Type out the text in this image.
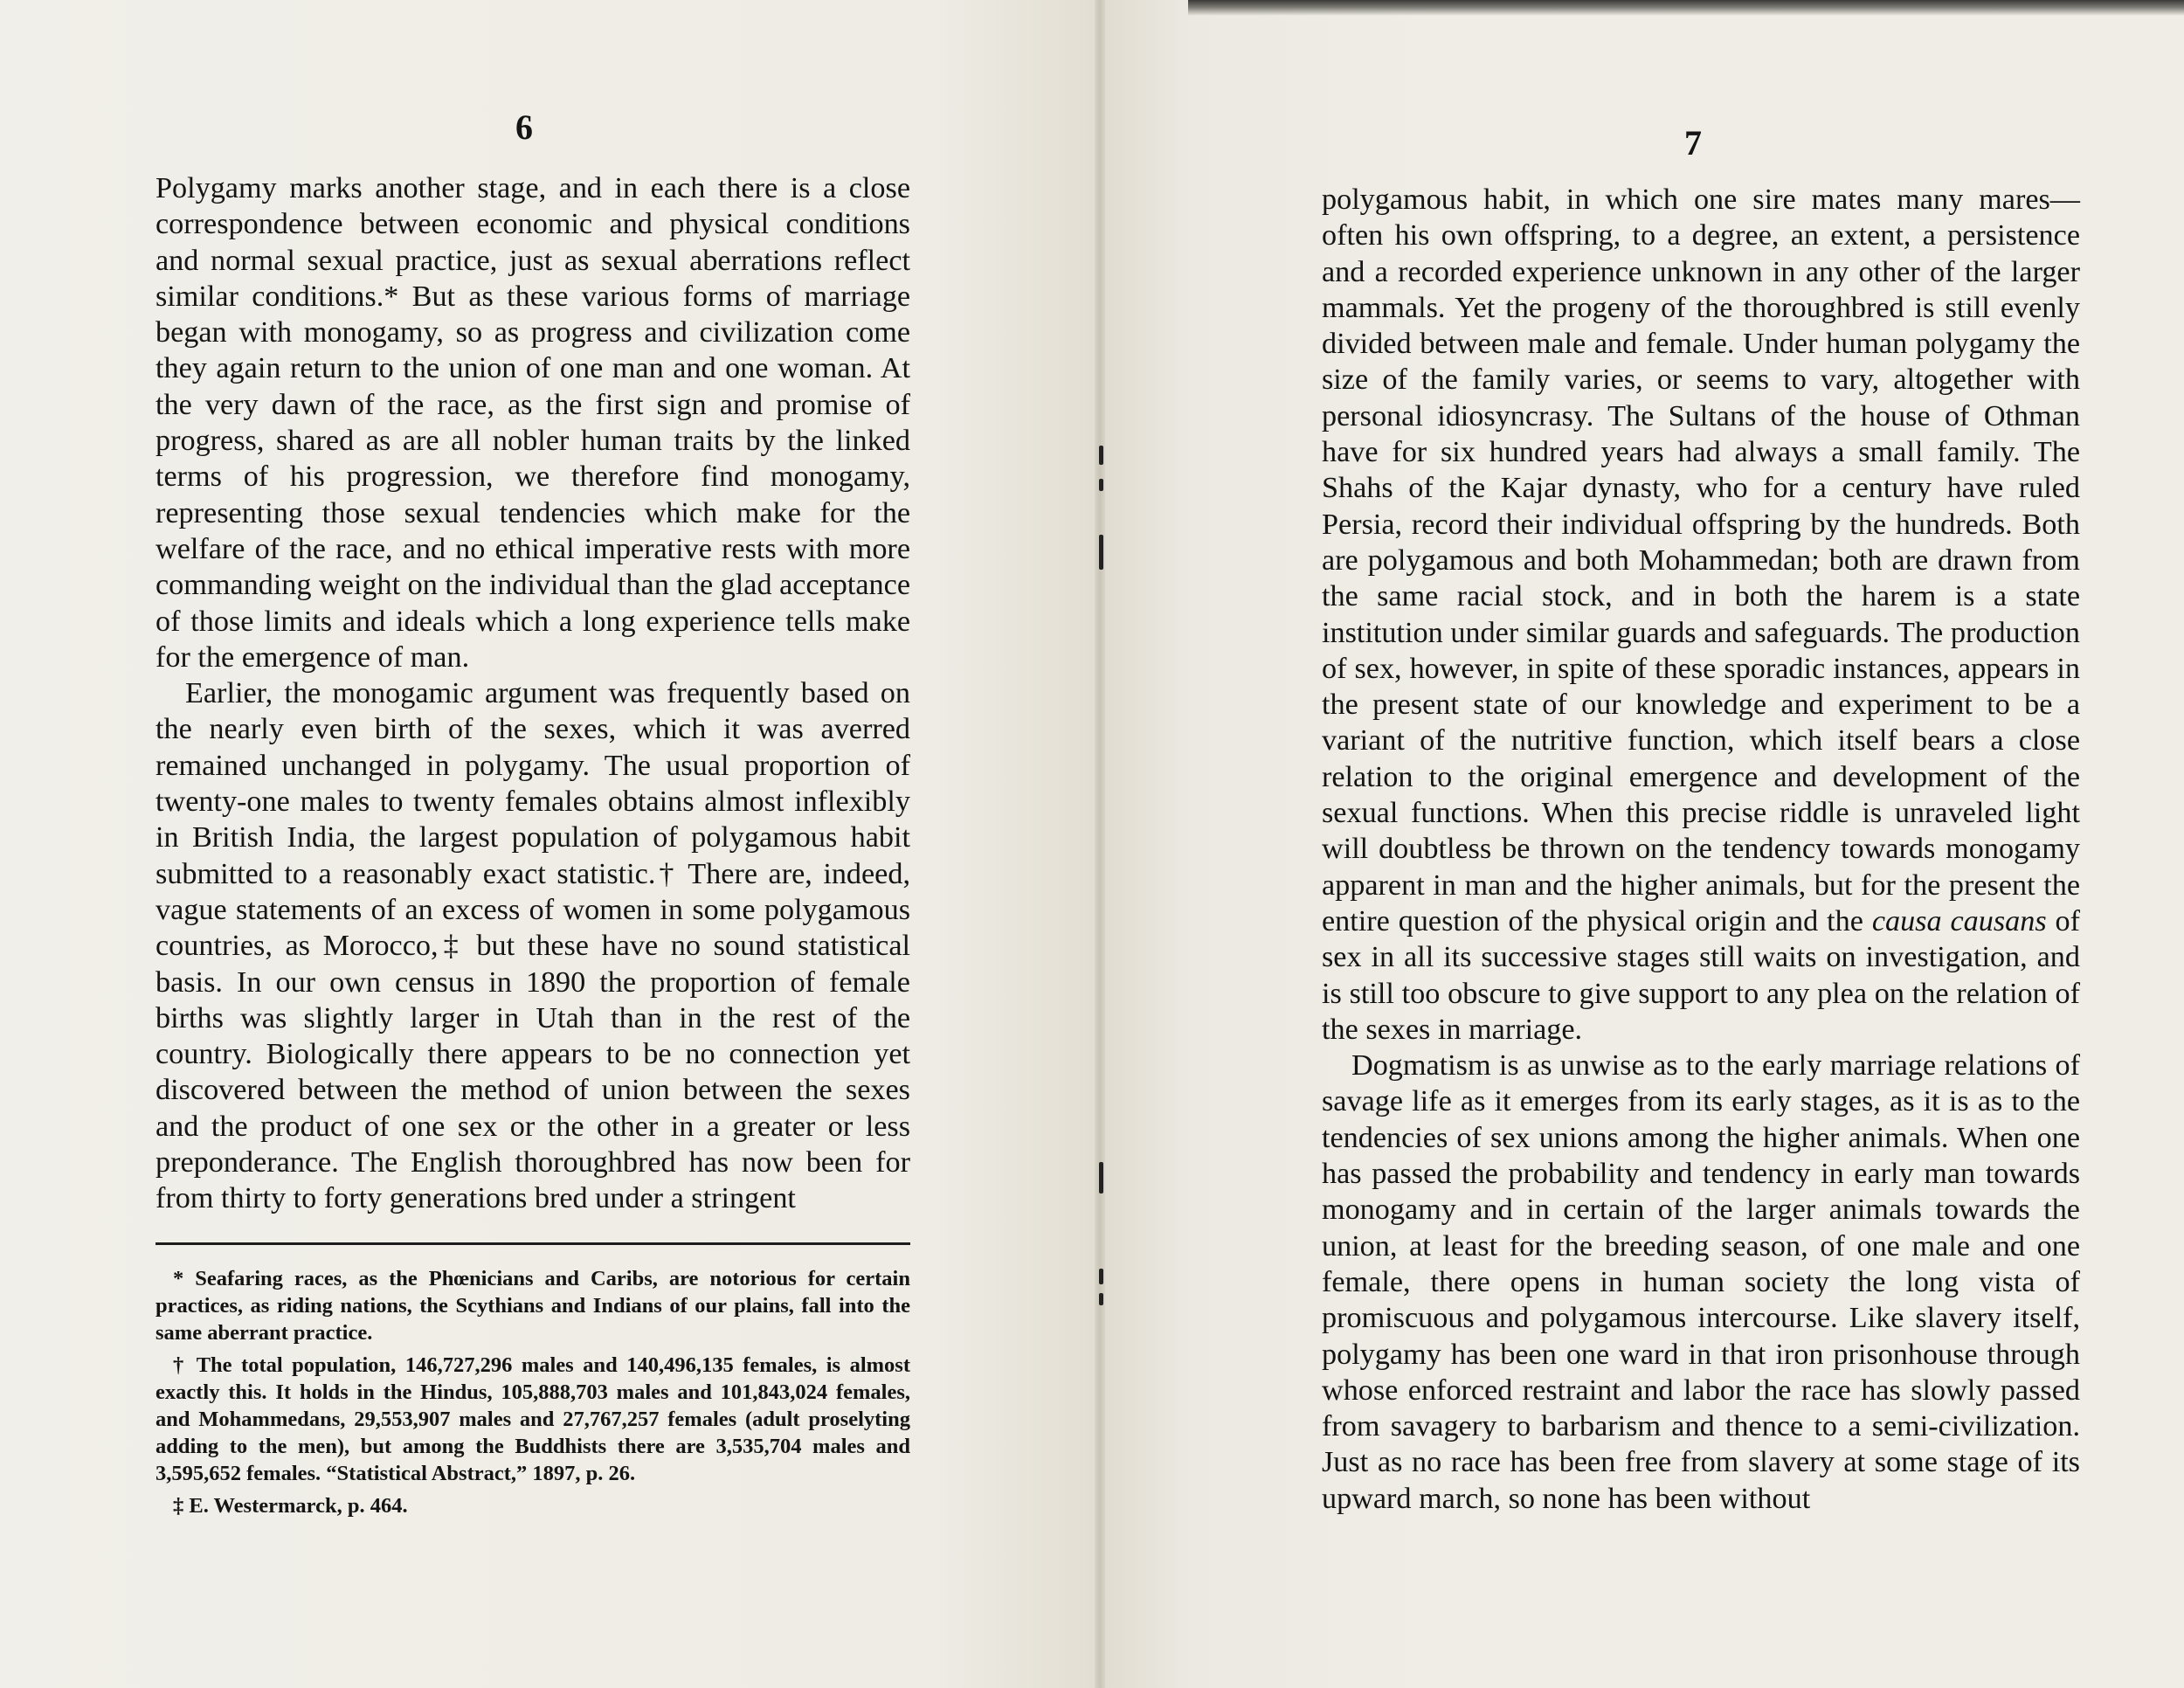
6

Polygamy marks another stage, and in each there is a close correspondence between economic and physical conditions and normal sexual practice, just as sexual aberrations reflect similar conditions.* But as these various forms of marriage began with monogamy, so as progress and civilization come they again return to the union of one man and one woman. At the very dawn of the race, as the first sign and promise of progress, shared as are all nobler human traits by the linked terms of his progression, we therefore find monogamy, representing those sexual tendencies which make for the welfare of the race, and no ethical imperative rests with more commanding weight on the individual than the glad acceptance of those limits and ideals which a long experience tells make for the emergence of man.

Earlier, the monogamic argument was frequently based on the nearly even birth of the sexes, which it was averred remained unchanged in polygamy. The usual proportion of twenty-one males to twenty females obtains almost inflexibly in British India, the largest population of polygamous habit submitted to a reasonably exact statistic.† There are, indeed, vague statements of an excess of women in some polygamous countries, as Morocco,‡ but these have no sound statistical basis. In our own census in 1890 the proportion of female births was slightly larger in Utah than in the rest of the country. Biologically there appears to be no connection yet discovered between the method of union between the sexes and the product of one sex or the other in a greater or less preponderance. The English thoroughbred has now been for from thirty to forty generations bred under a stringent

* Seafaring races, as the Phœnicians and Caribs, are notorious for certain practices, as riding nations, the Scythians and Indians of our plains, fall into the same aberrant practice.

† The total population, 146,727,296 males and 140,496,135 females, is almost exactly this. It holds in the Hindus, 105,888,703 males and 101,843,024 females, and Mohammedans, 29,553,907 males and 27,767,257 females (adult proselyting adding to the men), but among the Buddhists there are 3,535,704 males and 3,595,652 females. “Statistical Abstract,” 1897, p. 26.

‡ E. Westermarck, p. 464.

7

polygamous habit, in which one sire mates many mares— often his own offspring, to a degree, an extent, a persistence and a recorded experience unknown in any other of the larger mammals. Yet the progeny of the thoroughbred is still evenly divided between male and female. Under human polygamy the size of the family varies, or seems to vary, altogether with personal idiosyncrasy. The Sultans of the house of Othman have for six hundred years had always a small family. The Shahs of the Kajar dynasty, who for a century have ruled Persia, record their individual offspring by the hundreds. Both are polygamous and both Mohammedan; both are drawn from the same racial stock, and in both the harem is a state institution under similar guards and safeguards. The production of sex, however, in spite of these sporadic instances, appears in the present state of our knowledge and experiment to be a variant of the nutritive function, which itself bears a close relation to the original emergence and development of the sexual functions. When this precise riddle is unraveled light will doubtless be thrown on the tendency towards monogamy apparent in man and the higher animals, but for the present the entire question of the physical origin and the causa causans of sex in all its successive stages still waits on investigation, and is still too obscure to give support to any plea on the relation of the sexes in marriage.

Dogmatism is as unwise as to the early marriage relations of savage life as it emerges from its early stages, as it is as to the tendencies of sex unions among the higher animals. When one has passed the probability and tendency in early man towards monogamy and in certain of the larger animals towards the union, at least for the breeding season, of one male and one female, there opens in human society the long vista of promiscuous and polygamous intercourse. Like slavery itself, polygamy has been one ward in that iron prisonhouse through whose enforced restraint and labor the race has slowly passed from savagery to barbarism and thence to a semi-civilization. Just as no race has been free from slavery at some stage of its upward march, so none has been without
